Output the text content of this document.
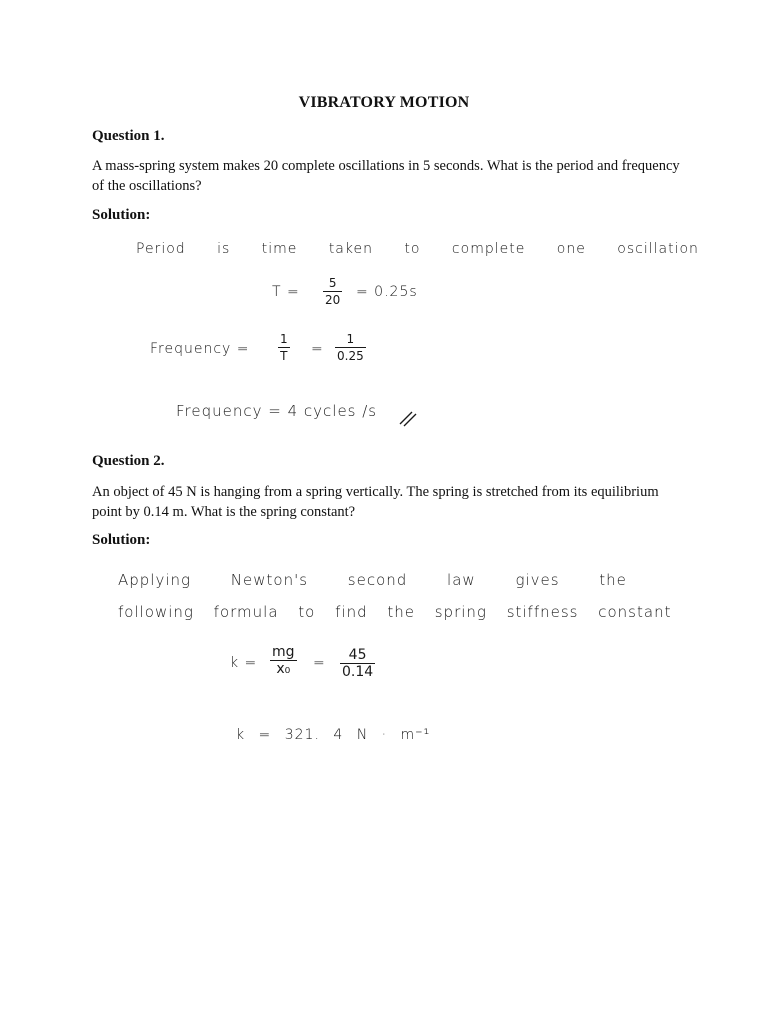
VIBRATORY MOTION
Question 1.
A mass-spring system makes 20 complete oscillations in 5 seconds. What is the period and frequency of the oscillations?
Solution:
Period is time taken to complete one oscillation
T =
5
20 = 0.25s
Frequency =
1
T =
1
0.25
Frequency = 4 cycles /s
Question 2.
An object of 45 N is hanging from a spring vertically. The spring is stretched from its equilibrium point by 0.14 m. What is the spring constant?
Solution:
Applying Newton's second law gives the
following formula to find the spring stiffness constant
k =
mg
x₀ = 45
0.14
k = 321. 4 N · m⁻¹
